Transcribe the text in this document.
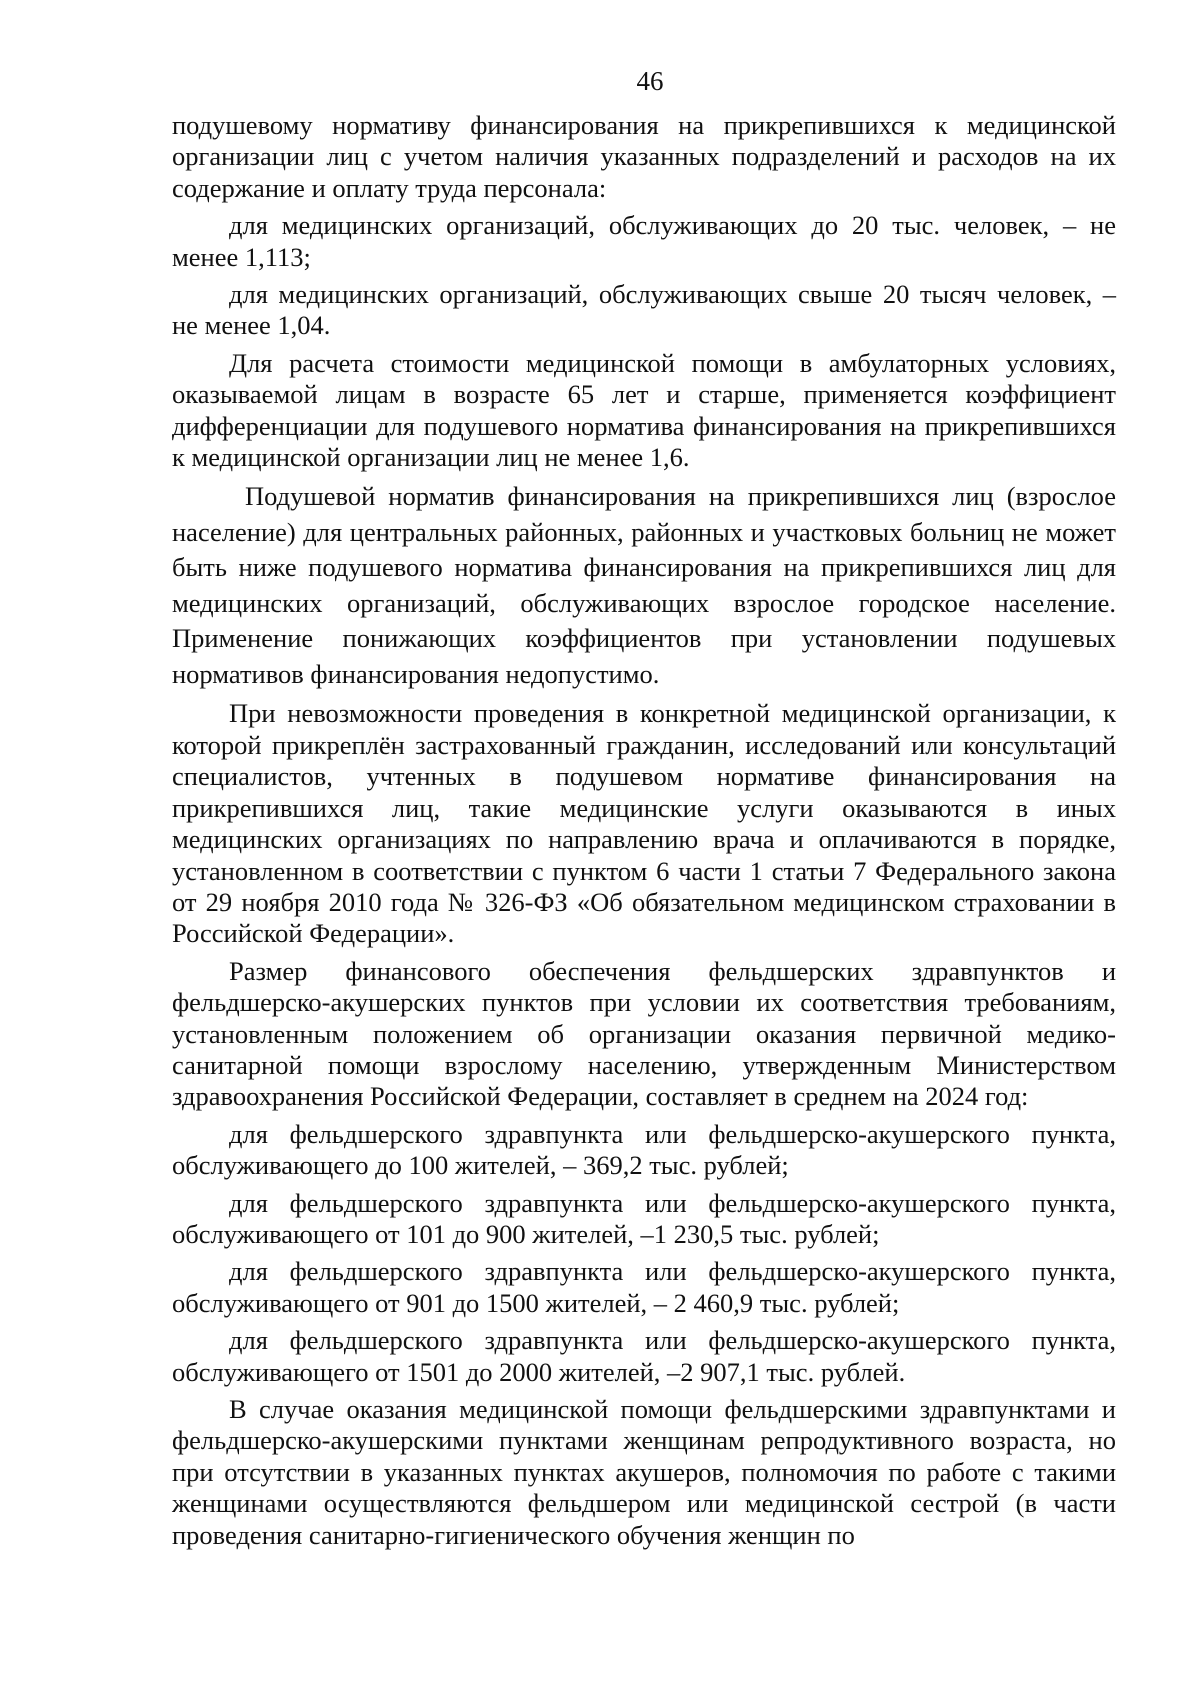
46

подушевому нормативу финансирования на прикрепившихся к медицинской организации лиц с учетом наличия указанных подразделений и расходов на их содержание и оплату труда персонала:

для медицинских организаций, обслуживающих до 20 тыс. человек, – не менее 1,113;

для медицинских организаций, обслуживающих свыше 20 тысяч человек, – не менее 1,04.

Для расчета стоимости медицинской помощи в амбулаторных условиях, оказываемой лицам в возрасте 65 лет и старше, применяется коэффициент дифференциации для подушевого норматива финансирования на прикрепившихся к медицинской организации лиц не менее 1,6.

Подушевой норматив финансирования на прикрепившихся лиц (взрослое население) для центральных районных, районных и участковых больниц не может быть ниже подушевого норматива финансирования на прикрепившихся лиц для медицинских организаций, обслуживающих взрослое городское население. Применение понижающих коэффициентов при установлении подушевых нормативов финансирования недопустимо.

При невозможности проведения в конкретной медицинской организации, к которой прикреплён застрахованный гражданин, исследований или консультаций специалистов, учтенных в подушевом нормативе финансирования на прикрепившихся лиц, такие медицинские услуги оказываются в иных медицинских организациях по направлению врача и оплачиваются в порядке, установленном в соответствии с пунктом 6 части 1 статьи 7 Федерального закона от 29 ноября 2010 года № 326-ФЗ «Об обязательном медицинском страховании в Российской Федерации».

Размер финансового обеспечения фельдшерских здравпунктов и фельдшерско-акушерских пунктов при условии их соответствия требованиям, установленным положением об организации оказания первичной медико-санитарной помощи взрослому населению, утвержденным Министерством здравоохранения Российской Федерации, составляет в среднем на 2024 год:

для фельдшерского здравпункта или фельдшерско-акушерского пункта, обслуживающего до 100 жителей, – 369,2 тыс. рублей;

для фельдшерского здравпункта или фельдшерско-акушерского пункта, обслуживающего от 101 до 900 жителей, –1 230,5 тыс. рублей;

для фельдшерского здравпункта или фельдшерско-акушерского пункта, обслуживающего от 901 до 1500 жителей, – 2 460,9 тыс. рублей;

для фельдшерского здравпункта или фельдшерско-акушерского пункта, обслуживающего от 1501 до 2000 жителей, –2 907,1 тыс. рублей.

В случае оказания медицинской помощи фельдшерскими здравпунктами и фельдшерско-акушерскими пунктами женщинам репродуктивного возраста, но при отсутствии в указанных пунктах акушеров, полномочия по работе с такими женщинами осуществляются фельдшером или медицинской сестрой (в части проведения санитарно-гигиенического обучения женщин по
